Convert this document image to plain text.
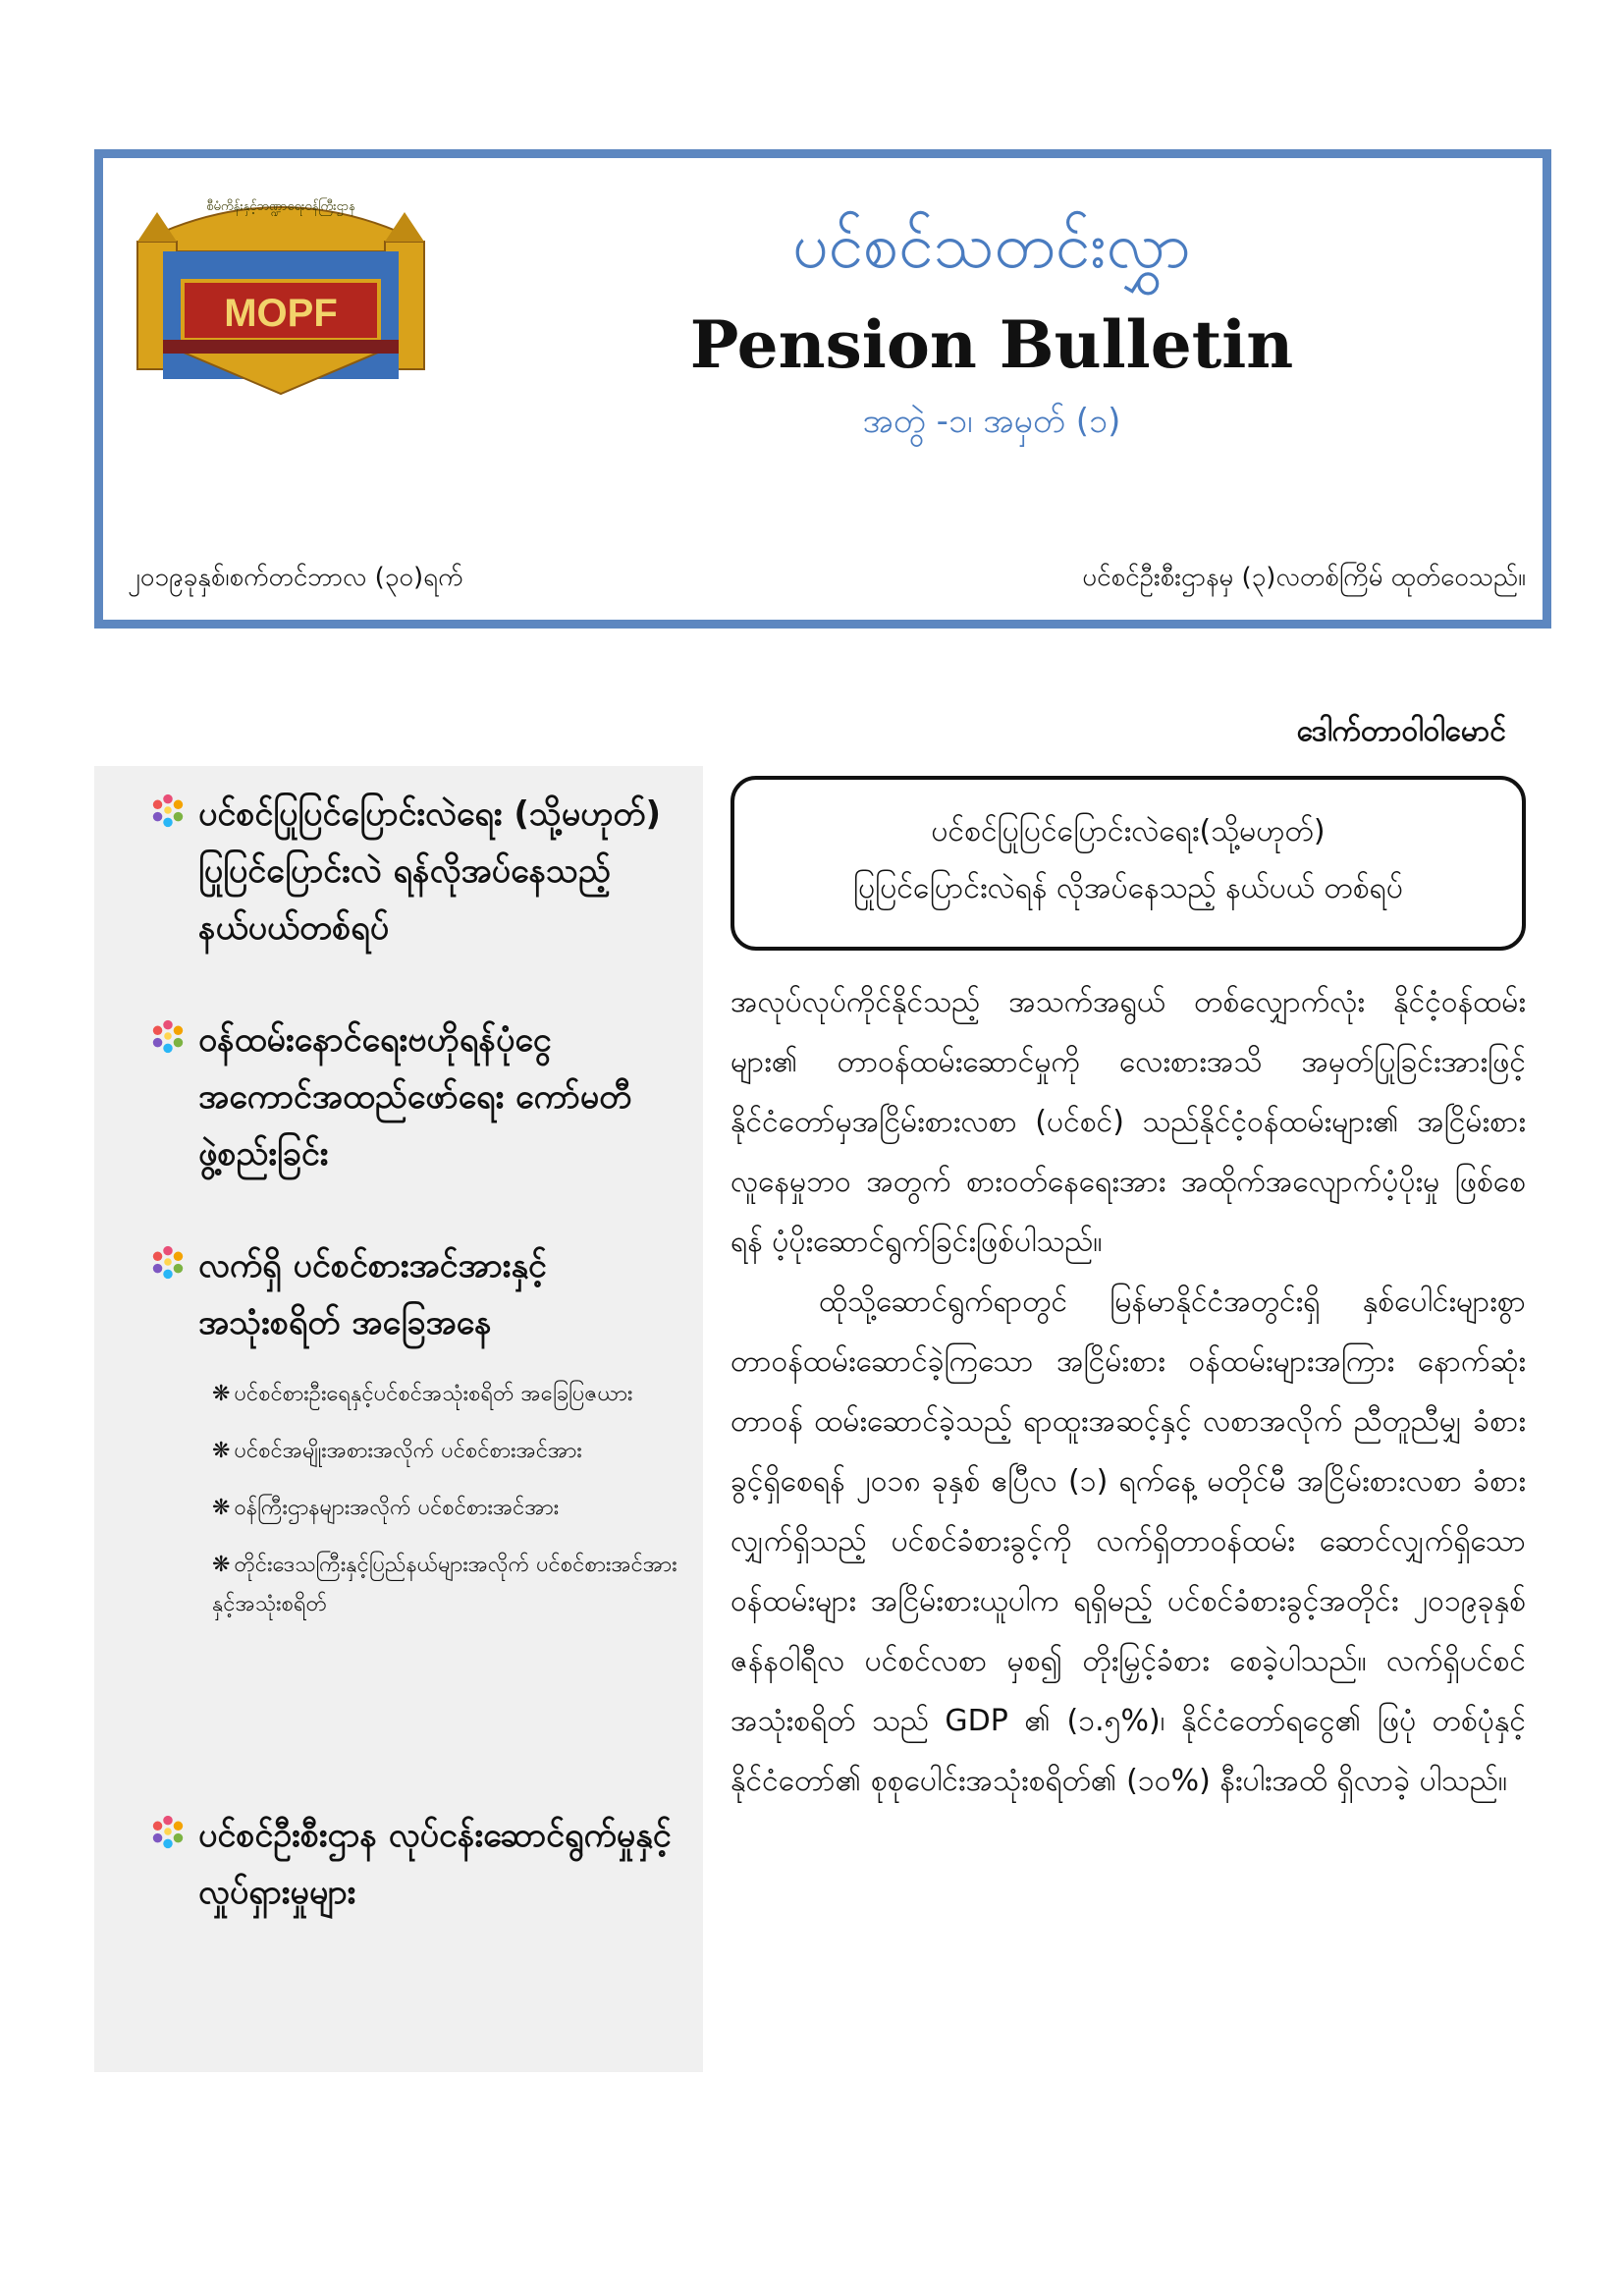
MOPF
စီမံကိန်းနှင့်ဘဏ္ဍာရေးဝန်ကြီးဌာန
ပင်စင်သတင်းလွှာ
Pension Bulletin
အတွဲ -၁၊ အမှတ် (၁)
၂၀၁၉ခုနှစ်၊စက်တင်ဘာလ (၃၀)ရက်	ပင်စင်ဦးစီးဌာနမှ (၃)လတစ်ကြိမ် ထုတ်ဝေသည်။
ဒေါက်တာဝါဝါမောင်
ပင်စင်ပြုပြင်ပြောင်းလဲရေး (သို့မဟုတ်) ပြုပြင်ပြောင်းလဲ ရန်လိုအပ်နေသည့်နယ်ပယ်တစ်ရပ်
ဝန်ထမ်းနောင်ရေးဗဟိုရန်ပုံငွေ အကောင်အထည်ဖော်ရေး ကော်မတီဖွဲ့စည်းခြင်း
လက်ရှိ ပင်စင်စားအင်အားနှင့် အသုံးစရိတ် အခြေအနေ
❋ ပင်စင်စားဦးရေနှင့်ပင်စင်အသုံးစရိတ် အခြေပြဇယား
❋ ပင်စင်အမျိုးအစားအလိုက် ပင်စင်စားအင်အား
❋ ဝန်ကြီးဌာနများအလိုက် ပင်စင်စားအင်အား
❋ တိုင်းဒေသကြီးနှင့်ပြည်နယ်များအလိုက် ပင်စင်စားအင်အားနှင့်အသုံးစရိတ်
ပင်စင်ဦးစီးဌာန လုပ်ငန်းဆောင်ရွက်မှုနှင့် လှုပ်ရှားမှုများ
ပင်စင်ပြုပြင်ပြောင်းလဲရေး(သို့မဟုတ်)
ပြုပြင်ပြောင်းလဲရန် လိုအပ်နေသည့် နယ်ပယ် တစ်ရပ်

အလုပ်လုပ်ကိုင်နိုင်သည့် အသက်အရွယ် တစ်လျှောက်လုံး နိုင်ငံ့ဝန်ထမ်းများ၏ တာဝန်ထမ်းဆောင်မှုကို လေးစားအသိ အမှတ်ပြုခြင်းအားဖြင့်နိုင်ငံတော်မှအငြိမ်းစားလစာ (ပင်စင်) သည်နိုင်ငံ့ဝန်ထမ်းများ၏ အငြိမ်းစားလူနေမှုဘဝ အတွက် စားဝတ်နေရေးအား အထိုက်အလျောက်ပံ့ပိုးမှု ဖြစ်စေရန် ပံ့ပိုးဆောင်ရွက်ခြင်းဖြစ်ပါသည်။

ထိုသို့ဆောင်ရွက်ရာတွင် မြန်မာနိုင်ငံအတွင်းရှိ နှစ်ပေါင်းများစွာ တာဝန်ထမ်းဆောင်ခဲ့ကြသော အငြိမ်းစား ဝန်ထမ်းများအကြား နောက်ဆုံးတာဝန် ထမ်းဆောင်ခဲ့သည့် ရာထူးအဆင့်နှင့် လစာအလိုက် ညီတူညီမျှ ခံစားခွင့်ရှိစေရန် ၂၀၁၈ ခုနှစ် ဧပြီလ (၁) ရက်နေ့ မတိုင်မီ အငြိမ်းစားလစာ ခံစားလျှက်ရှိသည့် ပင်စင်ခံစားခွင့်ကို လက်ရှိတာဝန်ထမ်း ဆောင်လျှက်ရှိသော ဝန်ထမ်းများ အငြိမ်းစားယူပါက ရရှိမည့် ပင်စင်ခံစားခွင့်အတိုင်း ၂၀၁၉ခုနှစ် ဇန်နဝါရီလ ပင်စင်လစာ မှစ၍ တိုးမြှင့်ခံစား စေခဲ့ပါသည်။ လက်ရှိပင်စင်အသုံးစရိတ် သည် GDP ၏ (၁.၅%)၊ နိုင်ငံတော်ရငွေ၏ ဖြပုံ တစ်ပုံနှင့် နိုင်ငံတော်၏ စုစုပေါင်းအသုံးစရိတ်၏ (၁၀%) နီးပါးအထိ ရှိလာခဲ့ ပါသည်။
